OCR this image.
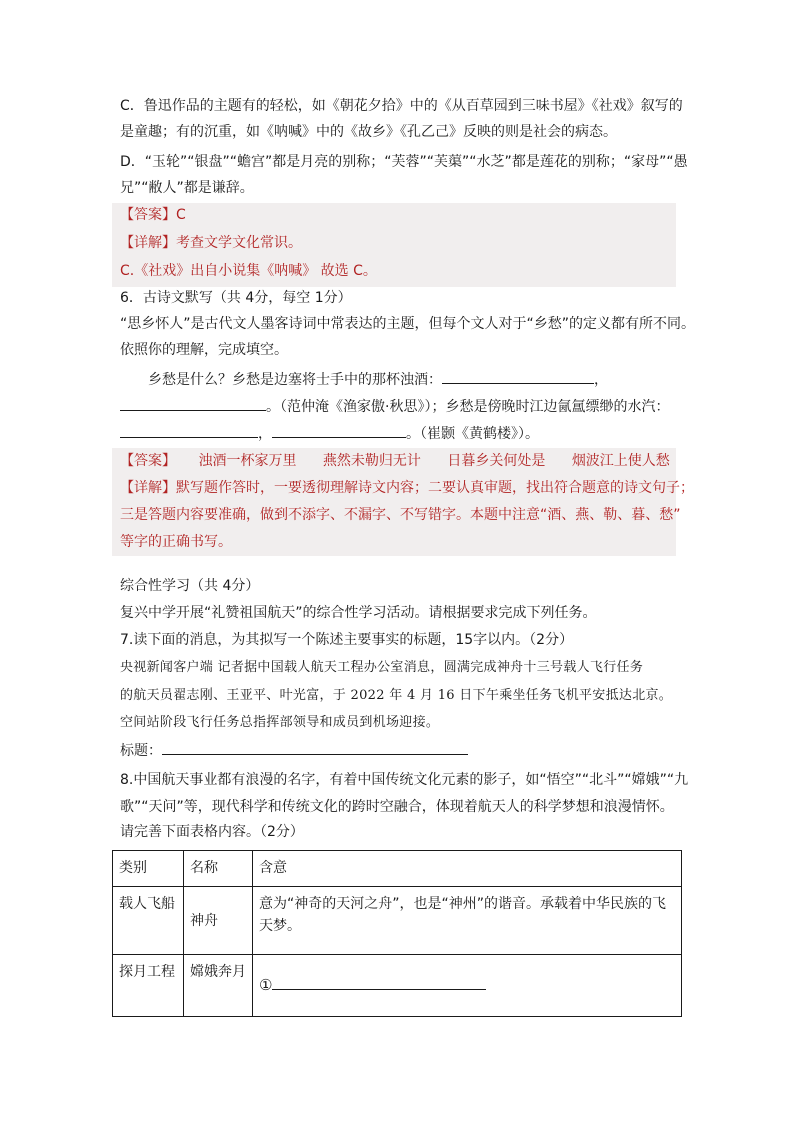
C．鲁迅作品的主题有的轻松，如《朝花夕拾》中的《从百草园到三味书屋》《社戏》叙写的
是童趣；有的沉重，如《呐喊》中的《故乡》《孔乙己》反映的则是社会的病态。
D．“玉轮”“银盘”“蟾宫”都是月亮的别称；“芙蓉”“芙蕖”“水芝”都是莲花的别称；“家母”“愚
兄”“敝人”都是谦辞。
【答案】C
【详解】考查文学文化常识。
C.《社戏》出自小说集《呐喊》 故选 C。
6．古诗文默写（共 4分，每空 1分）
“思乡怀人”是古代文人墨客诗词中常表达的主题，但每个文人对于“乡愁”的定义都有所不同。
依照你的理解，完成填空。
乡愁是什么？乡愁是边塞将士手中的那杯浊酒：	，
。（范仲淹《渔家傲·秋思》）；乡愁是傍晚时江边氤氲缥缈的水汽：
，	。（崔颢《黄鹤楼》）。
【答案】 浊酒一杯家万里 燕然未勒归无计 日暮乡关何处是 烟波江上使人愁
【详解】默写题作答时，一要透彻理解诗文内容；二要认真审题，找出符合题意的诗文句子；
三是答题内容要准确，做到不添字、不漏字、不写错字。本题中注意“酒、燕、勒、暮、愁”
等字的正确书写。
综合性学习（共 4分）
复兴中学开展“礼赞祖国航天”的综合性学习活动。请根据要求完成下列任务。
7.读下面的消息，为其拟写一个陈述主要事实的标题，15字以内。（2分）
央视新闻客户端 记者据中国载人航天工程办公室消息，圆满完成神舟十三号载人飞行任务
的航天员翟志刚、王亚平、叶光富，于 2022 年 4 月 16 日下午乘坐任务飞机平安抵达北京。
空间站阶段飞行任务总指挥部领导和成员到机场迎接。
标题：
8.中国航天事业都有浪漫的名字，有着中国传统文化元素的影子，如“悟空”“北斗”“嫦娥”“九
歌”“天问”等，现代科学和传统文化的跨时空融合，体现着航天人的科学梦想和浪漫情怀。
请完善下面表格内容。（2分）
类别	名称	含意
载人飞船	神舟	意为“神奇的天河之舟”，也是“神州”的谐音。承载着中华民族的飞天梦。
探月工程	嫦娥奔月	①
